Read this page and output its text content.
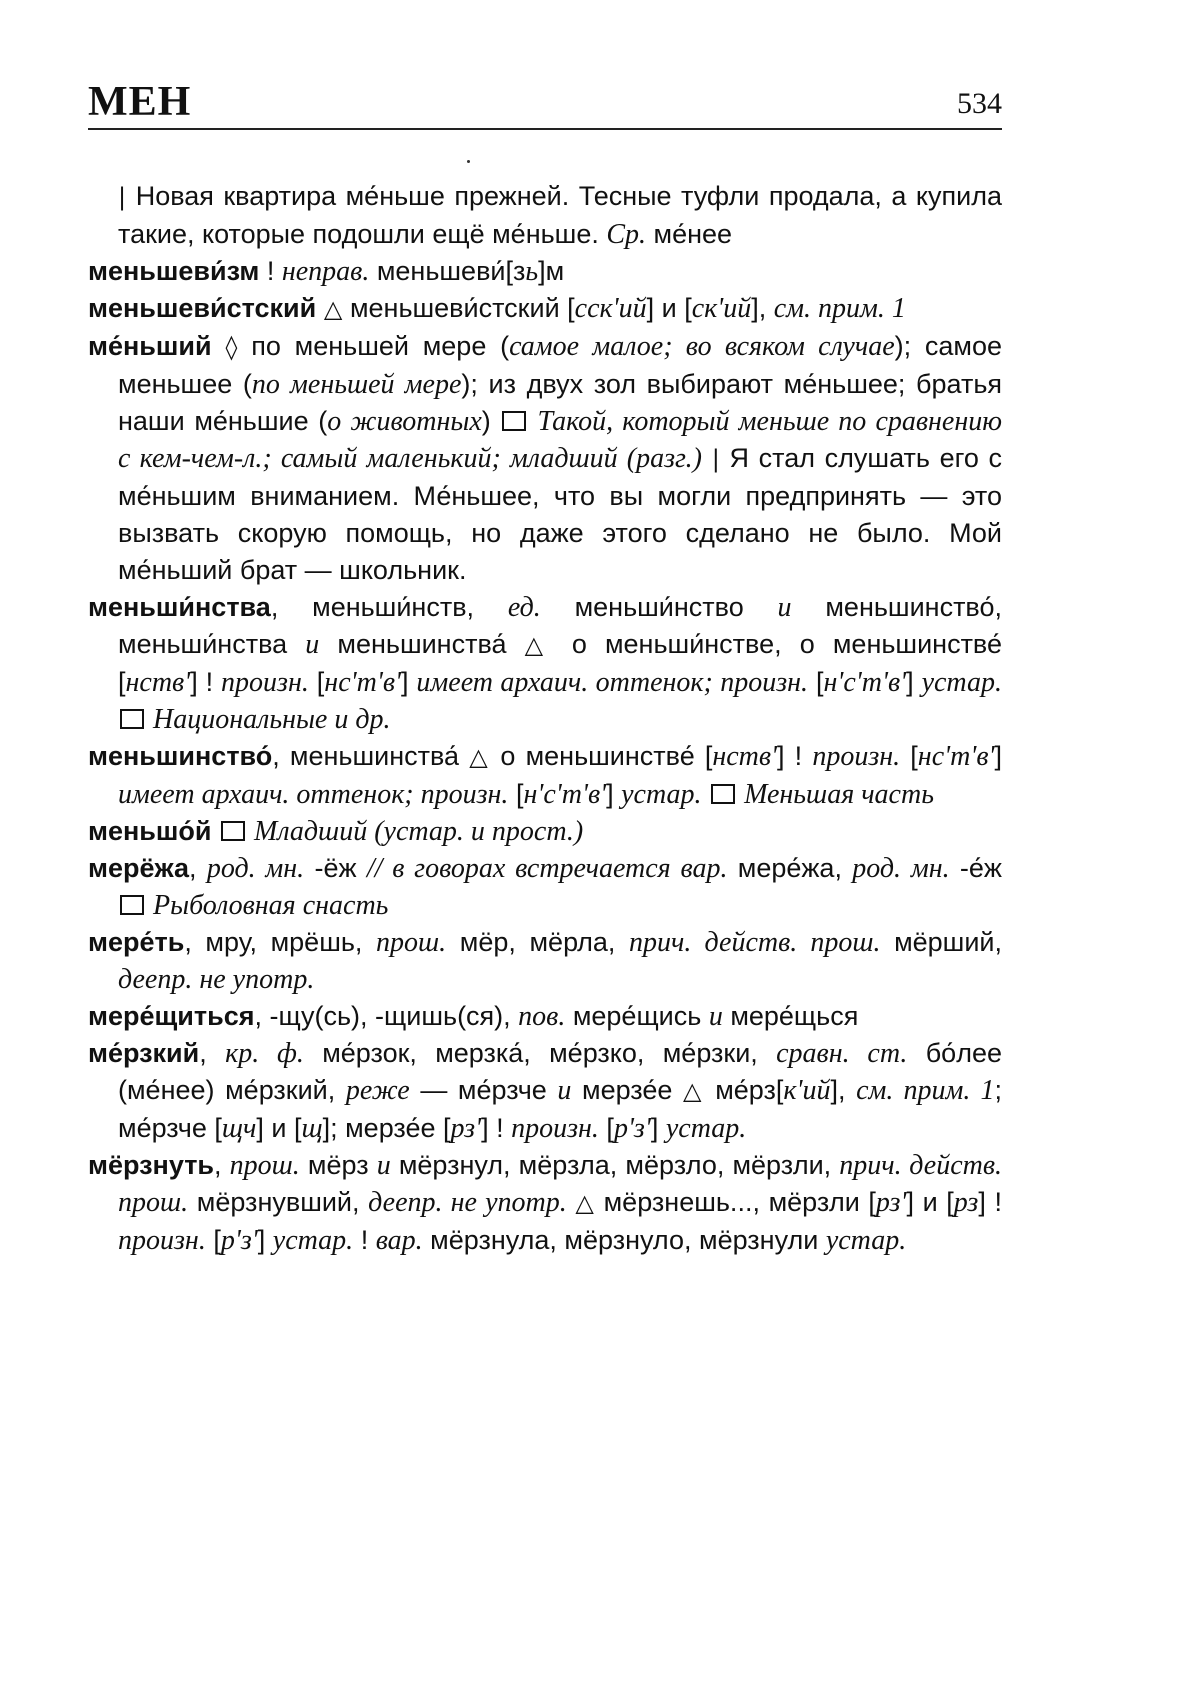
МЕН	534

| Новая квартира ме́ньше прежней. Тесные туфли продала, а купила такие, которые подошли ещё ме́ньше. Ср. ме́нее

меньшеви́зм ! неправ. меньшеви́[зь]м

меньшеви́стский △ меньшеви́стский [сск'ий] и [ск'ий], см. прим. 1

ме́ньший ◊ по меньшей мере (самое малое; во всяком случае); самое меньшее (по меньшей мере); из двух зол выбирают ме́ньшее; братья наши ме́ньшие (о животных)  Такой, который меньше по сравнению с кем-чем-л.; самый маленький; младший (разг.) | Я стал слушать его с ме́ньшим вниманием. Ме́ньшее, что вы могли предпринять — это вызвать скорую помощь, но даже этого сделано не было. Мой ме́ньший брат — школьник.

меньши́нства, меньши́нств, ед. меньши́нство и меньшинство́, меньши́нства и меньшинства́ △ о меньши́нстве, о меньшинстве́ [нств'] ! произн. [нс'т'в'] имеет архаич. оттенок; произн. [н'с'т'в'] устар.  Национальные и др.

меньшинство́, меньшинства́ △ о меньшинстве́ [нств'] ! произн. [нс'т'в'] имеет архаич. оттенок; произн. [н'с'т'в'] устар.  Меньшая часть

меньшо́й  Младший (устар. и прост.)

мерёжа, род. мн. -ёж // в говорах встречается вар. мере́жа, род. мн. -е́ж  Рыболовная снасть

мере́ть, мру, мрёшь, прош. мёр, мёрла, прич. действ. прош. мёрший, деепр. не употр.

мере́щиться, -щу(сь), -щишь(ся), пов. мере́щись и мере́щься

ме́рзкий, кр. ф. ме́рзок, мерзка́, ме́рзко, ме́рзки, сравн. ст. бо́лее (ме́нее) ме́рзкий, реже — ме́рзче и мерзе́е △ ме́рз[к'ий], см. прим. 1; ме́рзче [щч] и [щ]; мерзе́е [рз'] ! произн. [р'з'] устар.

мёрзнуть, прош. мёрз и мёрзнул, мёрзла, мёрзло, мёрзли, прич. действ. прош. мёрзнувший, деепр. не употр. △ мёрзнешь..., мёрзли [рз'] и [рз] ! произн. [р'з'] устар. ! вар. мёрзнула, мёрзнуло, мёрзнули устар.
